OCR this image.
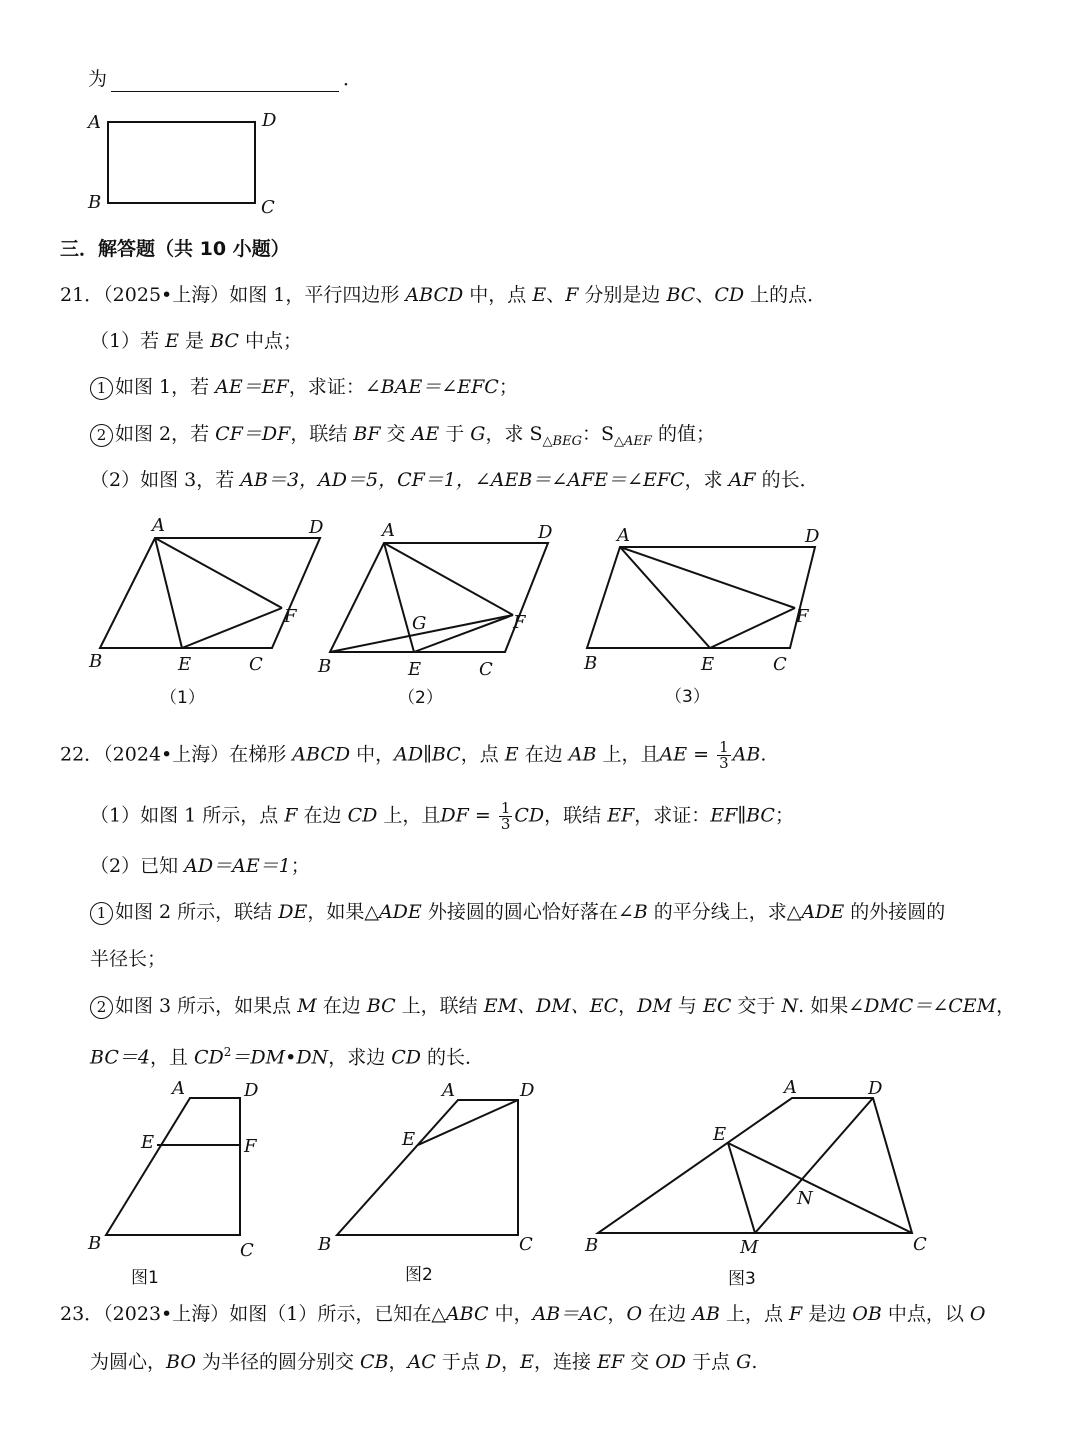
为	．
A	D
B	C
三．解答题（共 10 小题）
21．（2025•上海）如图 1，平行四边形 ABCD 中，点 E、F 分别是边 BC、CD 上的点．
（1）若 E 是 BC 中点；
1 如图 1，若 AE＝EF，求证：∠BAE＝∠EFC；
2 如图 2，若 CF＝DF，联结 BF 交 AE 于 G，求 $S_{\triangle BEG}$：$S_{\triangle AEF}$ 的值；
（2）如图 3，若 AB＝3，AD＝5，CF＝1，∠AEB＝∠AFE＝∠EFC，求 AF 的长．
A	D
F
B	E	C
（1）
A	D
F
G
B	E	C
（2）
A	D
F
B	E	C
（3）
22．（2024•上海）在梯形 ABCD 中，AD∥BC，点 E 在边 AB 上，且AE = $\frac{1}{3}$ AB.
（1）如图 1 所示，点 F 在边 CD 上，且DF = $\frac{1}{3}$ CD，联结 EF，求证：EF∥BC；
（2）已知 AD＝AE＝1；
1 如图 2 所示，联结 DE，如果△ADE 外接圆的圆心恰好落在∠B 的平分线上，求△ADE 的外接圆的
半径长；
2 如图 3 所示，如果点 M 在边 BC 上，联结 EM、DM、EC，DM 与 EC 交于 N. 如果∠DMC＝∠CEM，
BC＝4，且 $CD^2=DM•DN$，求边 CD 的长．
A	D
E	F
B	C
图1
A	D
E
B	C
图2
A	D
E
N
B	M	C
图3
23．（2023•上海）如图（1）所示，已知在△ABC 中，AB＝AC，O 在边 AB 上，点 F 是边 OB 中点，以 O
为圆心，BO 为半径的圆分别交 CB，AC 于点 D，E，连接 EF 交 OD 于点 G.
